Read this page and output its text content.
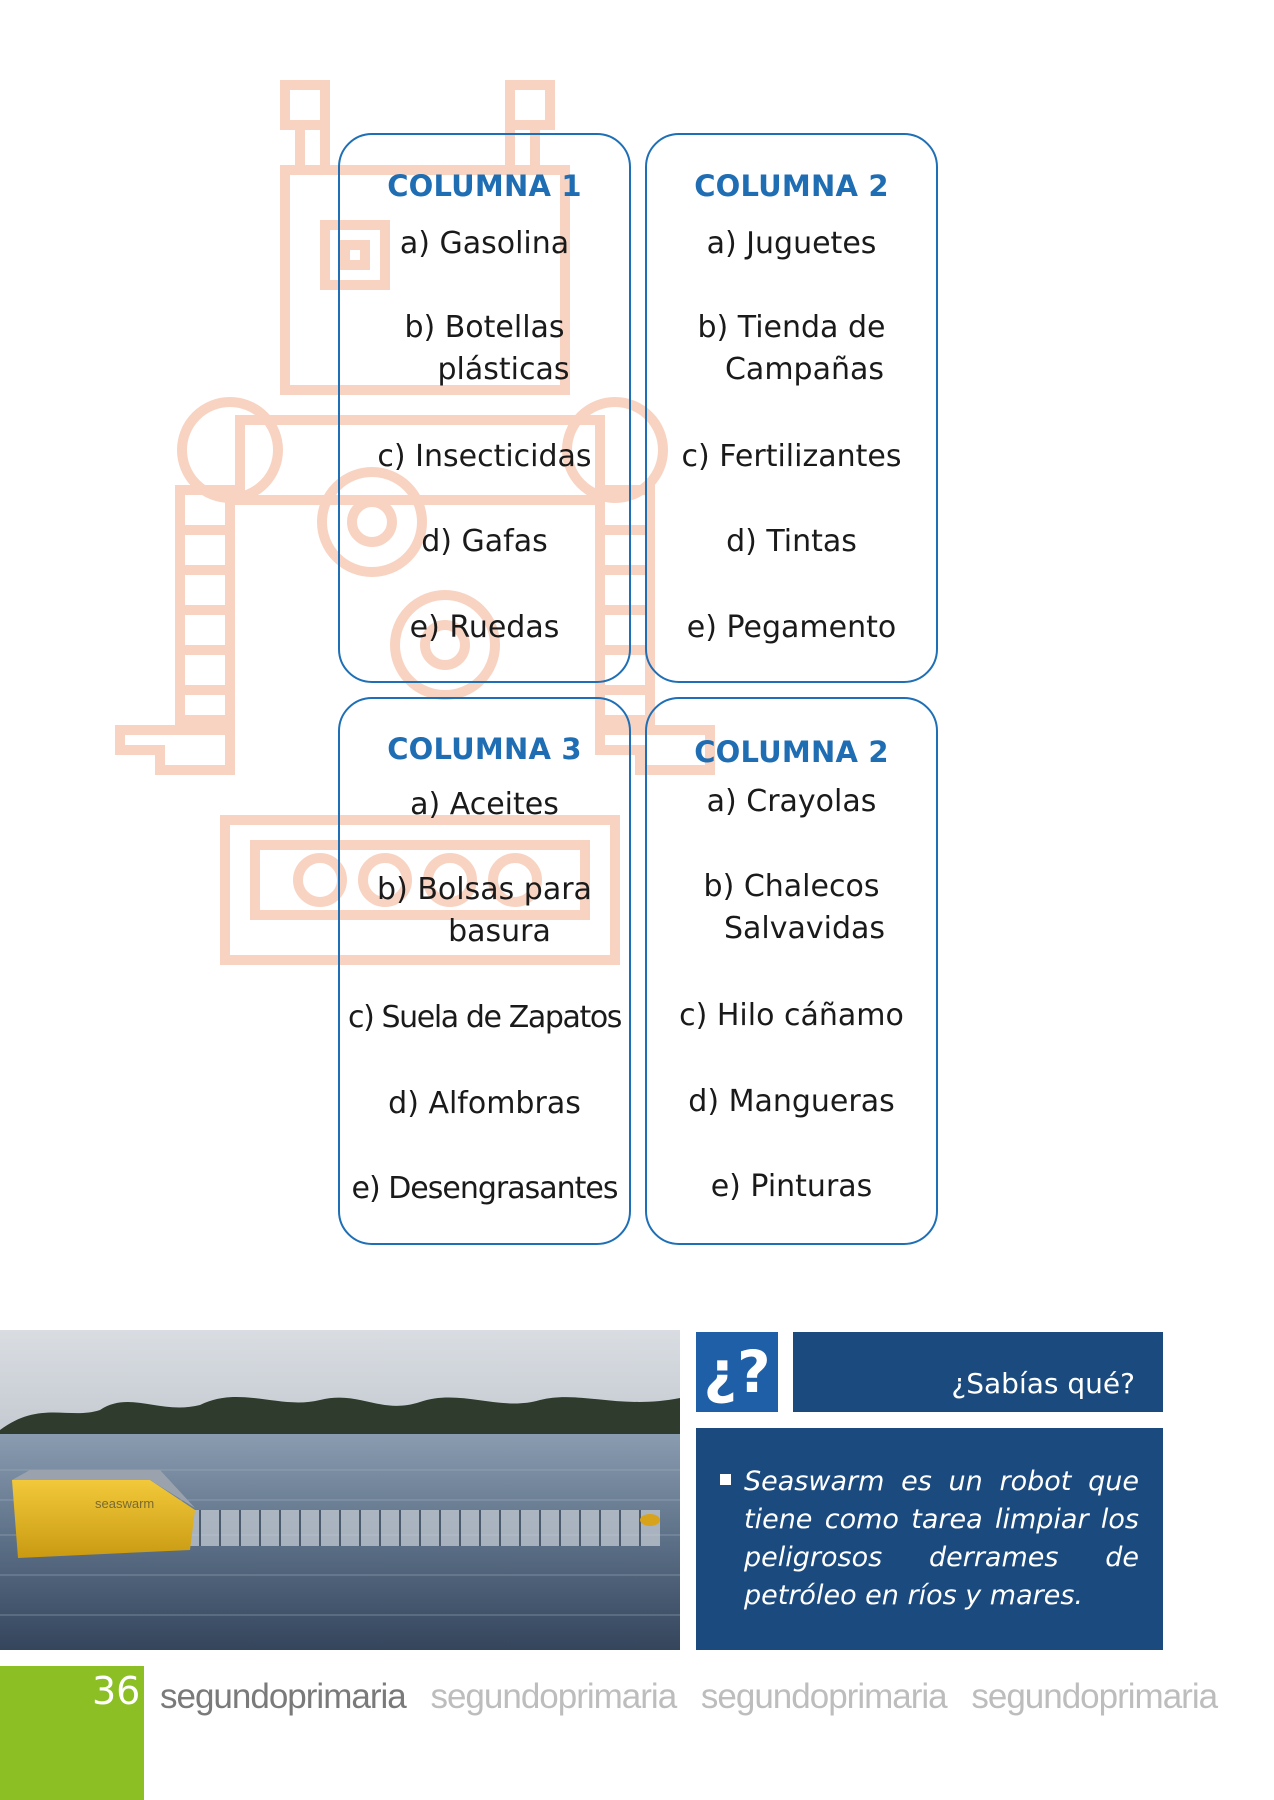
COLUMNA 1
a) Gasolina
b) Botellas
plásticas
c) Insecticidas
d) Gafas
e) Ruedas
COLUMNA 2
a) Juguetes
b) Tienda de
Campañas
c) Fertilizantes
d) Tintas
e) Pegamento
COLUMNA 3
a) Aceites
b) Bolsas para
basura
c) Suela de Zapatos
d) Alfombras
e) Desengrasantes
COLUMNA 2
a) Crayolas
b) Chalecos
Salvavidas
c) Hilo cáñamo
d) Mangueras
e) Pinturas
seaswarm
¿?	¿Sabías qué?
Seaswarm es un robot que tiene como tarea limpiar los peligrosos derrames de petróleo en ríos y mares.
36 segundoprimaria segundoprimaria segundoprimaria segundoprimaria
